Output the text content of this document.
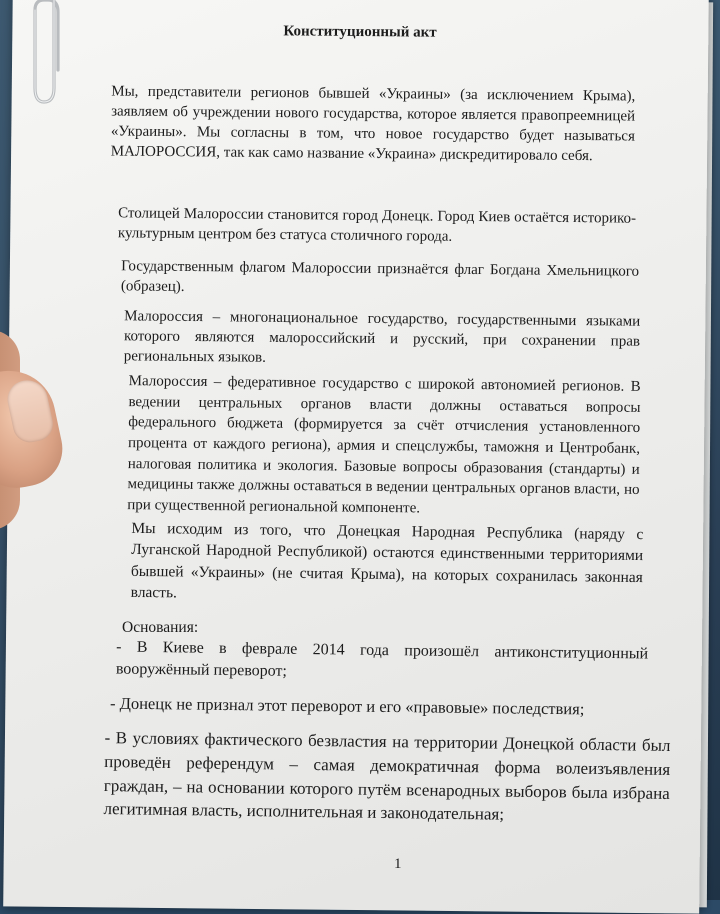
Конституционный акт

Мы, представители регионов бывшей «Украины» (за исключением Крыма), заявляем об учреждении нового государства, которое является правопреемницей «Украины». Мы согласны в том, что новое государство будет называться МАЛОРОССИЯ, так как само название «Украина» дискредитировало себя.

Столицей Малороссии становится город Донецк. Город Киев остаётся историко-культурным центром без статуса столичного города.

Государственным флагом Малороссии признаётся флаг Богдана Хмельницкого (образец).

Малороссия – многонациональное государство, государственными языками которого являются малороссийский и русский, при сохранении прав региональных языков.

Малороссия – федеративное государство с широкой автономией регионов. В ведении центральных органов власти должны оставаться вопросы федерального бюджета (формируется за счёт отчисления установленного процента от каждого региона), армия и спецслужбы, таможня и Центробанк, налоговая политика и экология. Базовые вопросы образования (стандарты) и медицины также должны оставаться в ведении центральных органов власти, но при существенной региональной компоненте.

Мы исходим из того, что Донецкая Народная Республика (наряду с Луганской Народной Республикой) остаются единственными территориями бывшей «Украины» (не считая Крыма), на которых сохранилась законная власть.

Основания:

- В Киеве в феврале 2014 года произошёл антиконституционный вооружённый переворот;

- Донецк не признал этот переворот и его «правовые» последствия;

- В условиях фактического безвластия на территории Донецкой области был проведён референдум – самая демократичная форма волеизъявления граждан, – на основании которого путём всенародных выборов была избрана легитимная власть, исполнительная и законодательная;

1
